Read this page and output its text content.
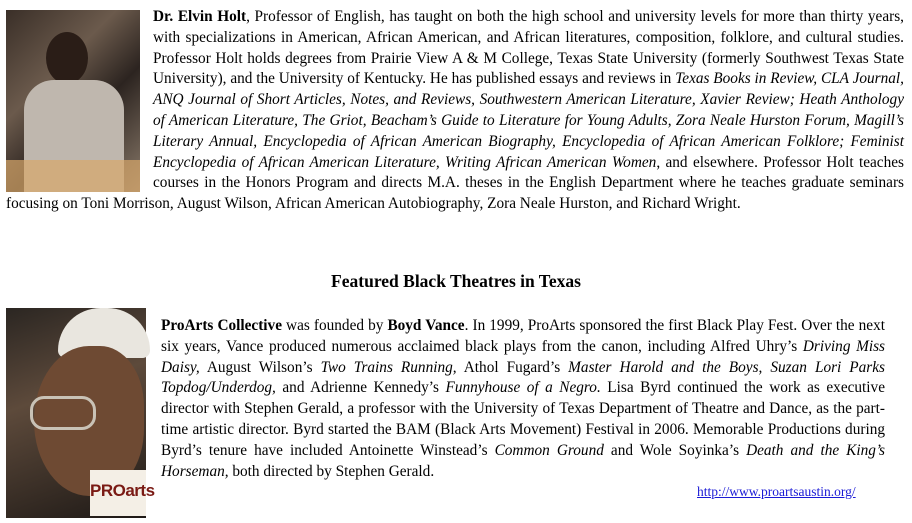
Dr. Elvin Holt, Professor of English, has taught on both the high school and university levels for more than thirty years, with specializations in American, African American, and African literatures, composition, folklore, and cultural studies. Professor Holt holds degrees from Prairie View A & M College, Texas State University (formerly Southwest Texas State University), and the University of Kentucky. He has published essays and reviews in Texas Books in Review, CLA Journal, ANQ Journal of Short Articles, Notes, and Reviews, Southwestern American Literature, Xavier Review; Heath Anthology of American Literature, The Griot, Beacham’s Guide to Literature for Young Adults, Zora Neale Hurston Forum, Magill’s Literary Annual, Encyclopedia of African American Biography, Encyclopedia of African American Folklore; Feminist Encyclopedia of African American Literature, Writing African American Women, and elsewhere. Professor Holt teaches courses in the Honors Program and directs M.A. theses in the English Department where he teaches graduate seminars focusing on Toni Morrison, August Wilson, African American Autobiography, Zora Neale Hurston, and Richard Wright.

Featured Black Theatres in Texas
PROarts

ProArts Collective was founded by Boyd Vance. In 1999, ProArts sponsored the first Black Play Fest. Over the next six years, Vance produced numerous acclaimed black plays from the canon, including Alfred Uhry’s Driving Miss Daisy, August Wilson’s Two Trains Running, Athol Fugard’s Master Harold and the Boys, Suzan Lori Parks Topdog/Underdog, and Adrienne Kennedy’s Funnyhouse of a Negro. Lisa Byrd continued the work as executive director with Stephen Gerald, a professor with the University of Texas Department of Theatre and Dance, as the part-time artistic director. Byrd started the BAM (Black Arts Movement) Festival in 2006. Memorable Productions during Byrd’s tenure have included Antoinette Winstead’s Common Ground and Wole Soyinka’s Death and the King’s Horseman, both directed by Stephen Gerald.

http://www.proartsaustin.org/
